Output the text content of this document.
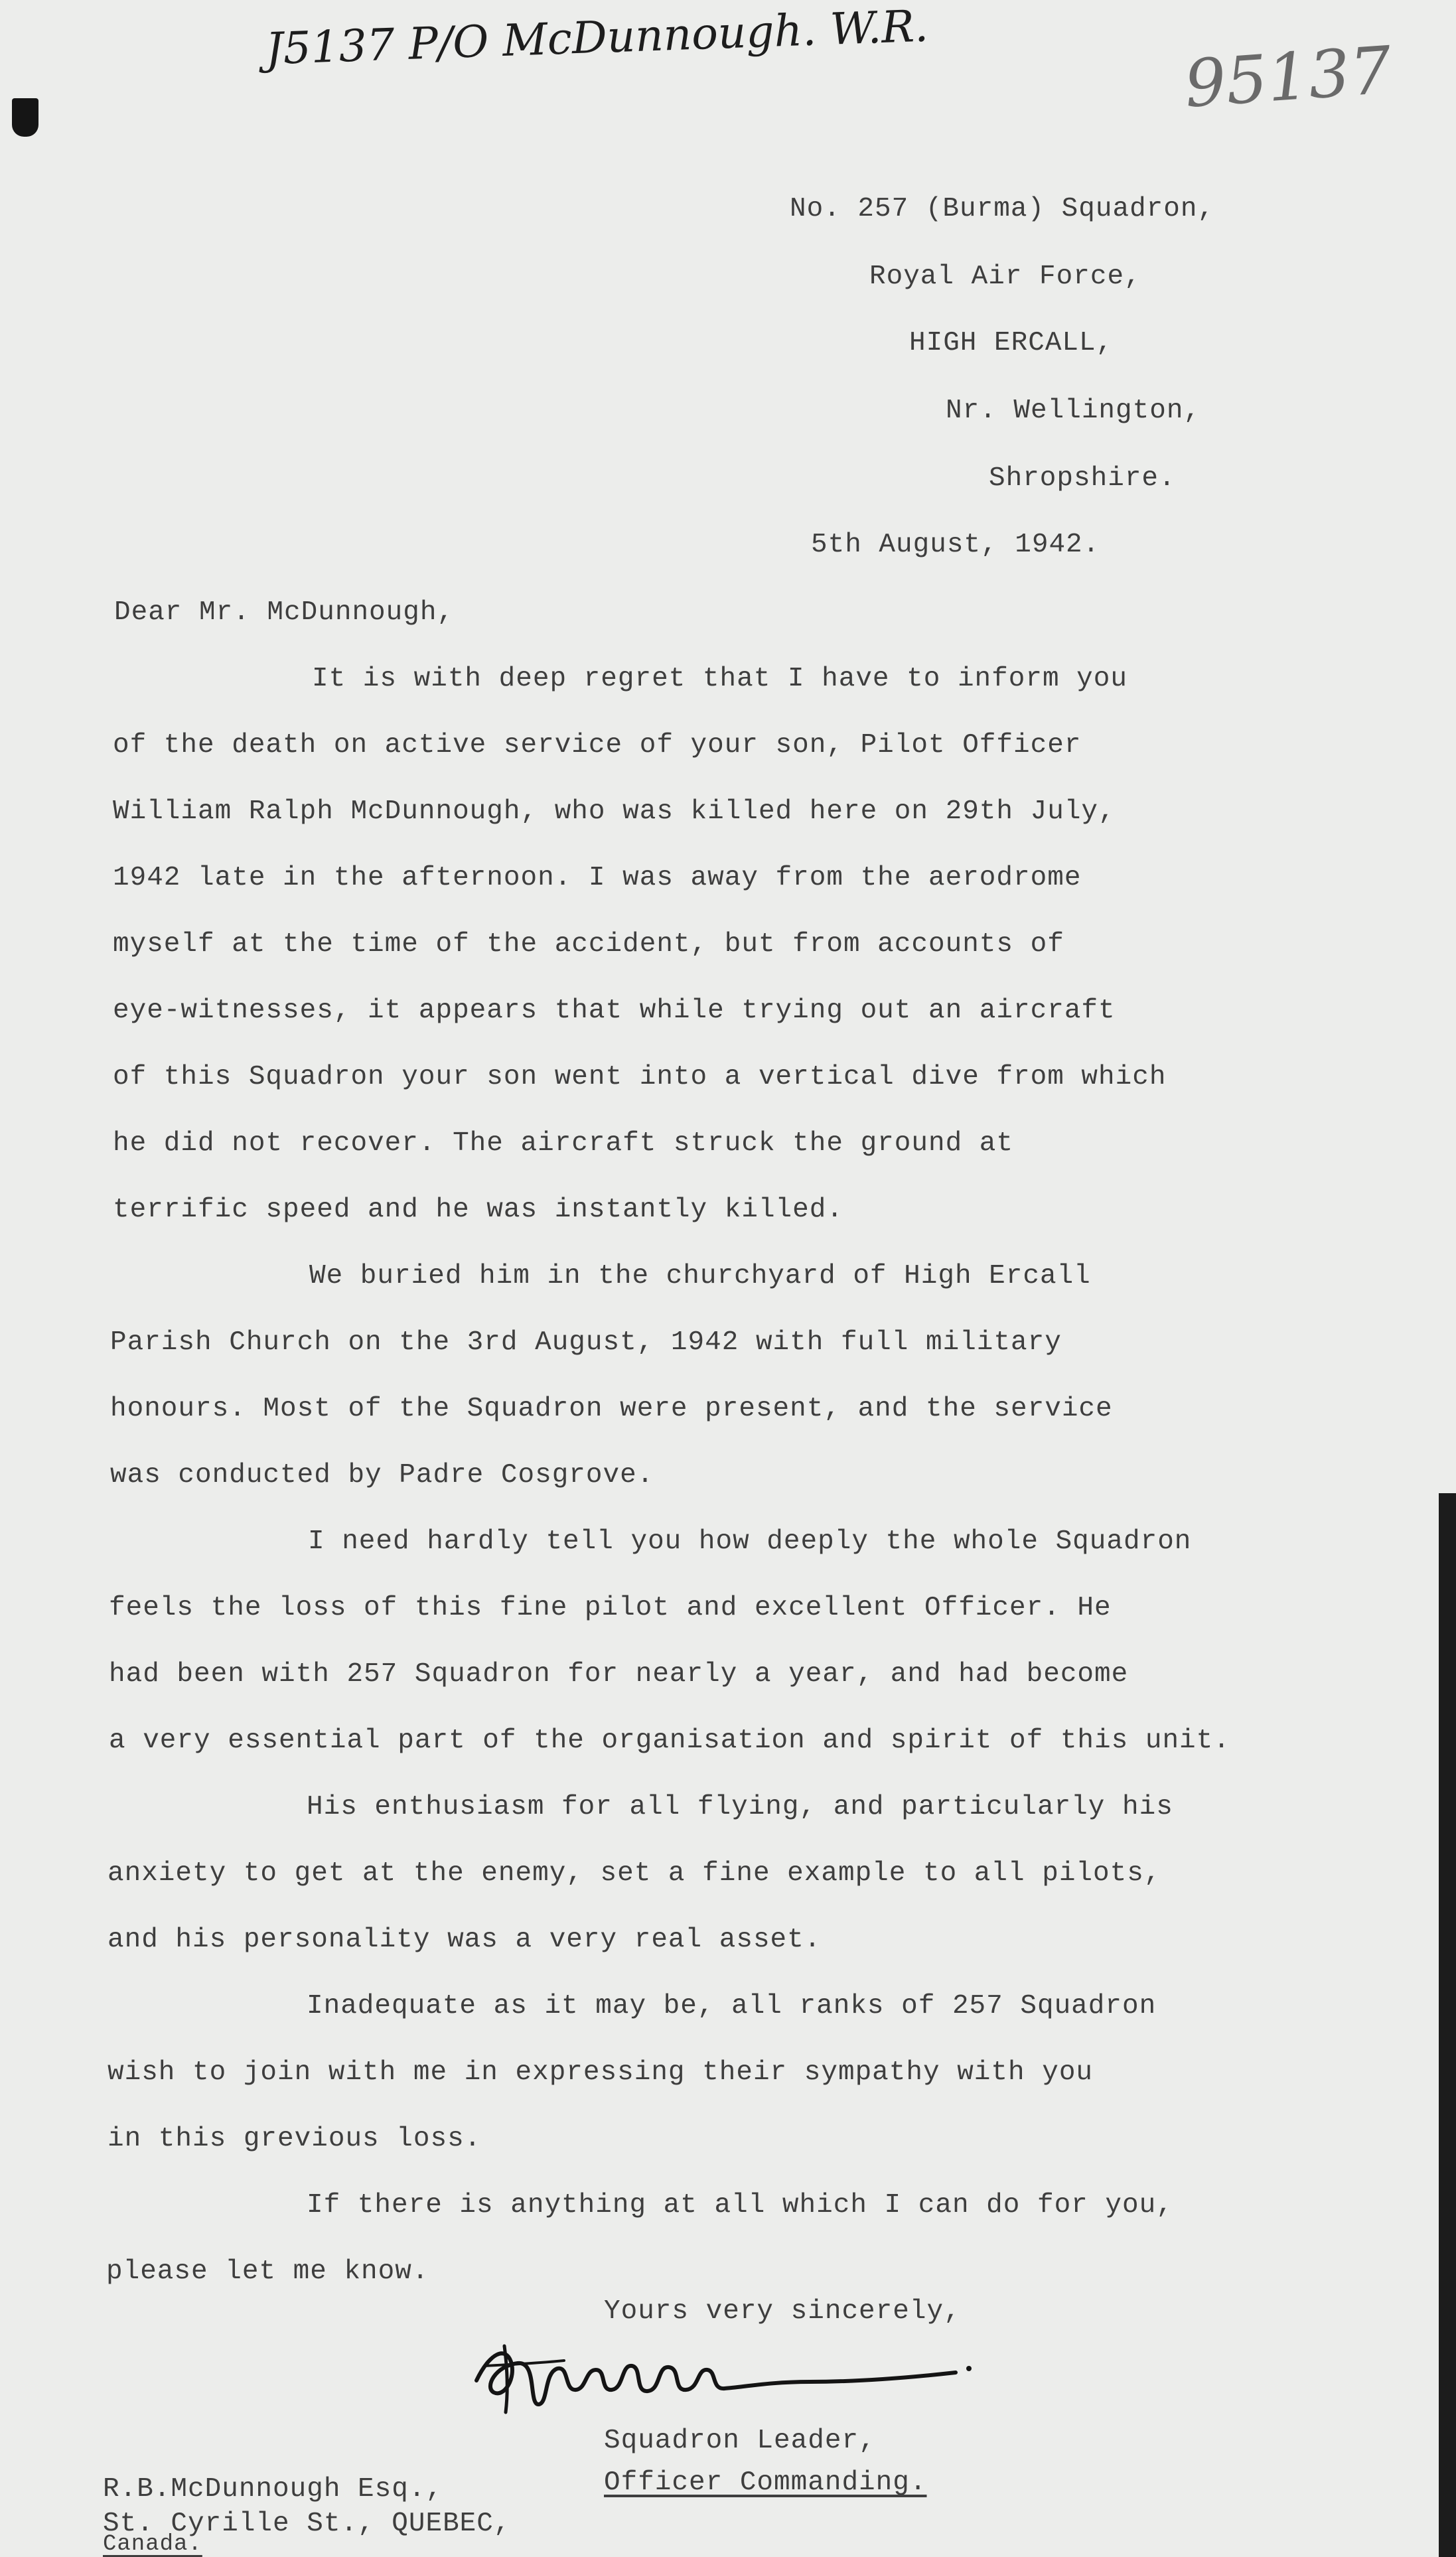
J5137 P/O McDunnough. W.R.	95137

No. 257 (Burma) Squadron,

Royal Air Force,

HIGH ERCALL,

Nr. Wellington,

Shropshire.

5th August, 1942.

Dear Mr. McDunnough,

It is with deep regret that I have to inform you

of the death on active service of your son, Pilot Officer

William Ralph McDunnough, who was killed here on 29th July,

1942 late in the afternoon. I was away from the aerodrome

myself at the time of the accident, but from accounts of

eye-witnesses, it appears that while trying out an aircraft

of this Squadron your son went into a vertical dive from which

he did not recover. The aircraft struck the ground at

terrific speed and he was instantly killed.

We buried him in the churchyard of High Ercall

Parish Church on the 3rd August, 1942 with full military

honours. Most of the Squadron were present, and the service

was conducted by Padre Cosgrove.

I need hardly tell you how deeply the whole Squadron

feels the loss of this fine pilot and excellent Officer. He

had been with 257 Squadron for nearly a year, and had become

a very essential part of the organisation and spirit of this unit.

His enthusiasm for all flying, and particularly his

anxiety to get at the enemy, set a fine example to all pilots,

and his personality was a very real asset.

Inadequate as it may be, all ranks of 257 Squadron

wish to join with me in expressing their sympathy with you

in this grevious loss.

If there is anything at all which I can do for you,

please let me know.

Yours very sincerely,

Squadron Leader,

Officer Commanding.

R.B.McDunnough Esq.,

St. Cyrille St., QUEBEC,

Canada.
